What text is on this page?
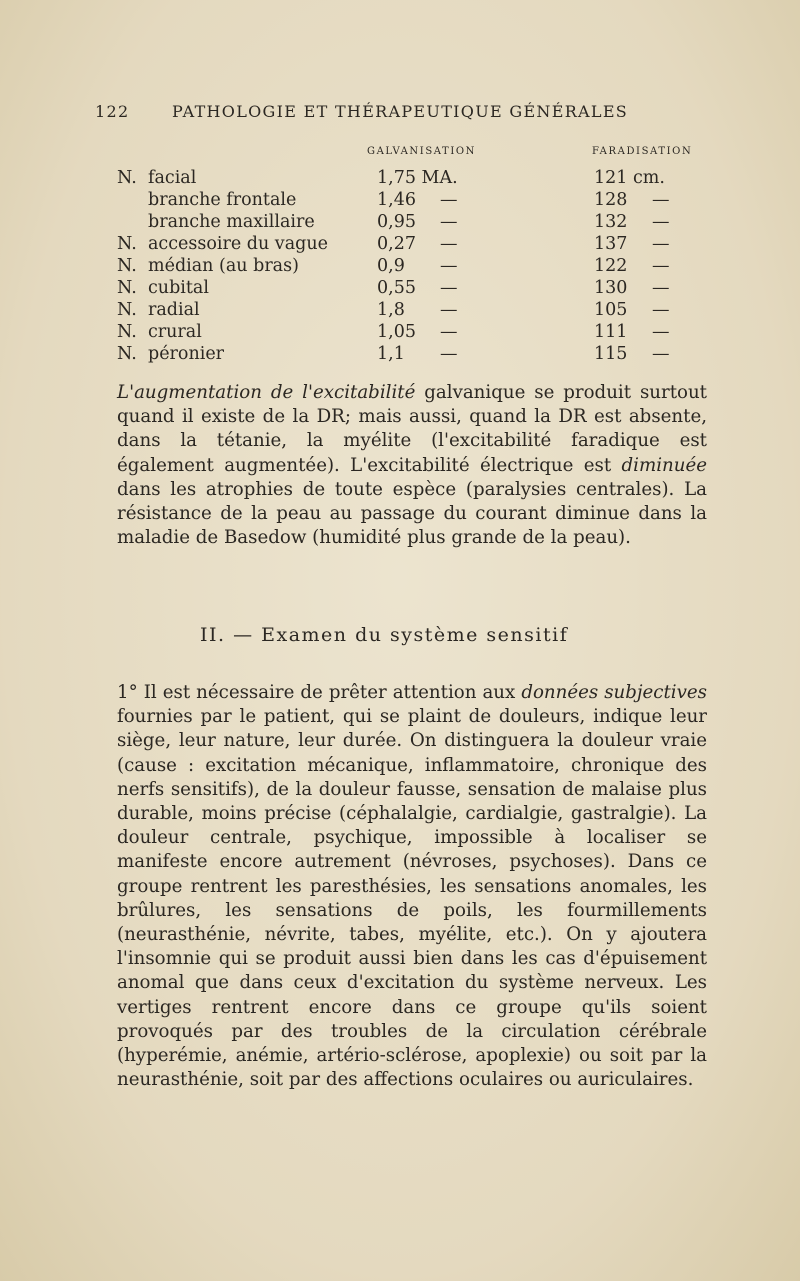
122	PATHOLOGIE ET THÉRAPEUTIQUE GÉNÉRALES
GALVANISATION	FARADISATION
N. facial	1,75 MA.	121 cm.
branche frontale	1,46 —	128 —
branche maxillaire	0,95 —	132 —
N. accessoire du vague	0,27 —	137 —
N. médian (au bras)	0,9 —	122 —
N. cubital	0,55 —	130 —
N. radial	1,8 —	105 —
N. crural	1,05 —	111 —
N. péronier	1,1 —	115 —

L'augmentation de l'excitabilité galvanique se produit surtout quand il existe de la DR; mais aussi, quand la DR est absente, dans la tétanie, la myélite (l'excitabilité faradique est également augmentée). L'excitabilité électrique est diminuée dans les atrophies de toute espèce (paralysies centrales). La résistance de la peau au passage du courant diminue dans la maladie de Basedow (humidité plus grande de la peau).

II. — Examen du système sensitif

1° Il est nécessaire de prêter attention aux données subjectives fournies par le patient, qui se plaint de douleurs, indique leur siège, leur nature, leur durée. On distinguera la douleur vraie (cause : excitation mécanique, inflammatoire, chronique des nerfs sensitifs), de la douleur fausse, sensation de malaise plus durable, moins précise (céphalalgie, cardialgie, gastralgie). La douleur centrale, psychique, impossible à localiser se manifeste encore autrement (névroses, psychoses). Dans ce groupe rentrent les paresthésies, les sensations anomales, les brûlures, les sensations de poils, les fourmillements (neurasthénie, névrite, tabes, myélite, etc.). On y ajoutera l'insomnie qui se produit aussi bien dans les cas d'épuisement anomal que dans ceux d'excitation du système nerveux. Les vertiges rentrent encore dans ce groupe qu'ils soient provoqués par des troubles de la circulation cérébrale (hyperémie, anémie, artério-sclérose, apoplexie) ou soit par la neurasthénie, soit par des affections oculaires ou auriculaires.
